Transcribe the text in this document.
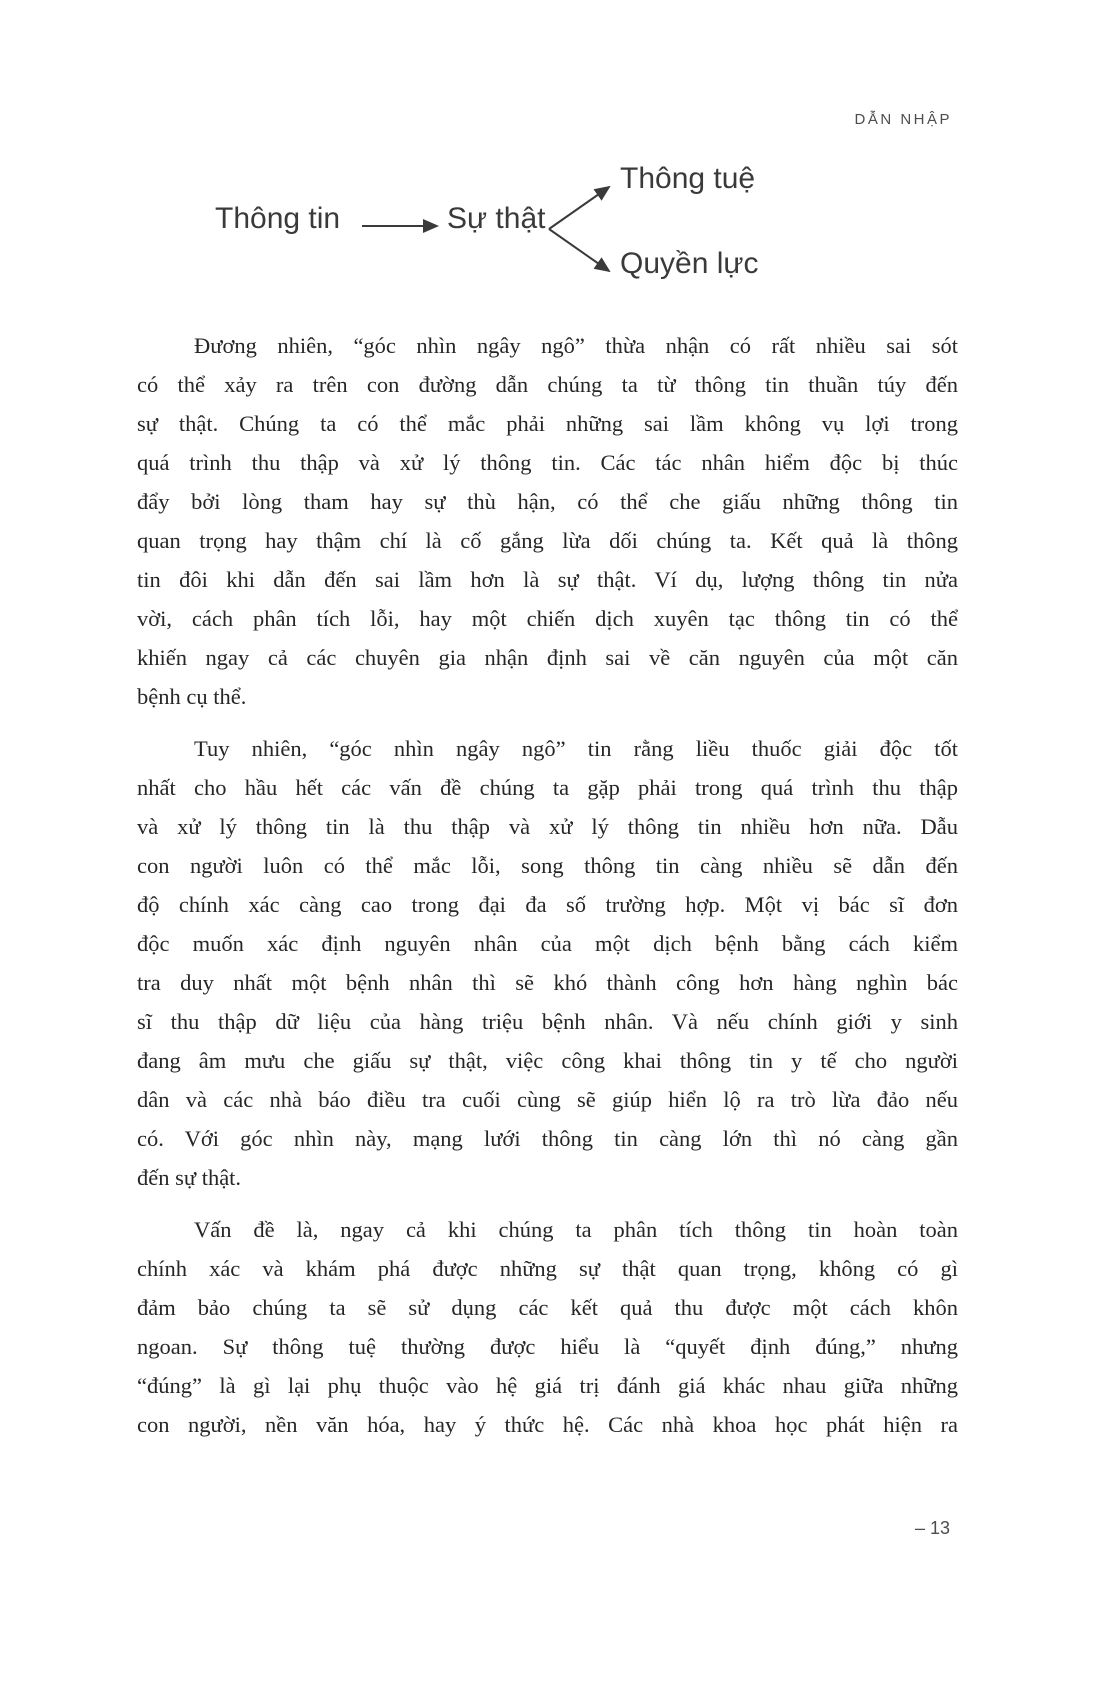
DẪN NHẬP
Thông tin	Sự thật
Thông tuệ
Quyền lực
Đương nhiên, “góc nhìn ngây ngô” thừa nhận có rất nhiều sai sót
có thể xảy ra trên con đường dẫn chúng ta từ thông tin thuần túy đến
sự thật. Chúng ta có thể mắc phải những sai lầm không vụ lợi trong
quá trình thu thập và xử lý thông tin. Các tác nhân hiểm độc bị thúc
đẩy bởi lòng tham hay sự thù hận, có thể che giấu những thông tin
quan trọng hay thậm chí là cố gắng lừa dối chúng ta. Kết quả là thông
tin đôi khi dẫn đến sai lầm hơn là sự thật. Ví dụ, lượng thông tin nửa
vời, cách phân tích lỗi, hay một chiến dịch xuyên tạc thông tin có thể
khiến ngay cả các chuyên gia nhận định sai về căn nguyên của một căn
bệnh cụ thể.
Tuy nhiên, “góc nhìn ngây ngô” tin rằng liều thuốc giải độc tốt
nhất cho hầu hết các vấn đề chúng ta gặp phải trong quá trình thu thập
và xử lý thông tin là thu thập và xử lý thông tin nhiều hơn nữa. Dẫu
con người luôn có thể mắc lỗi, song thông tin càng nhiều sẽ dẫn đến
độ chính xác càng cao trong đại đa số trường hợp. Một vị bác sĩ đơn
độc muốn xác định nguyên nhân của một dịch bệnh bằng cách kiểm
tra duy nhất một bệnh nhân thì sẽ khó thành công hơn hàng nghìn bác
sĩ thu thập dữ liệu của hàng triệu bệnh nhân. Và nếu chính giới y sinh
đang âm mưu che giấu sự thật, việc công khai thông tin y tế cho người
dân và các nhà báo điều tra cuối cùng sẽ giúp hiển lộ ra trò lừa đảo nếu
có. Với góc nhìn này, mạng lưới thông tin càng lớn thì nó càng gần
đến sự thật.
Vấn đề là, ngay cả khi chúng ta phân tích thông tin hoàn toàn
chính xác và khám phá được những sự thật quan trọng, không có gì
đảm bảo chúng ta sẽ sử dụng các kết quả thu được một cách khôn
ngoan. Sự thông tuệ thường được hiểu là “quyết định đúng,” nhưng
“đúng” là gì lại phụ thuộc vào hệ giá trị đánh giá khác nhau giữa những
con người, nền văn hóa, hay ý thức hệ. Các nhà khoa học phát hiện ra
– 13
